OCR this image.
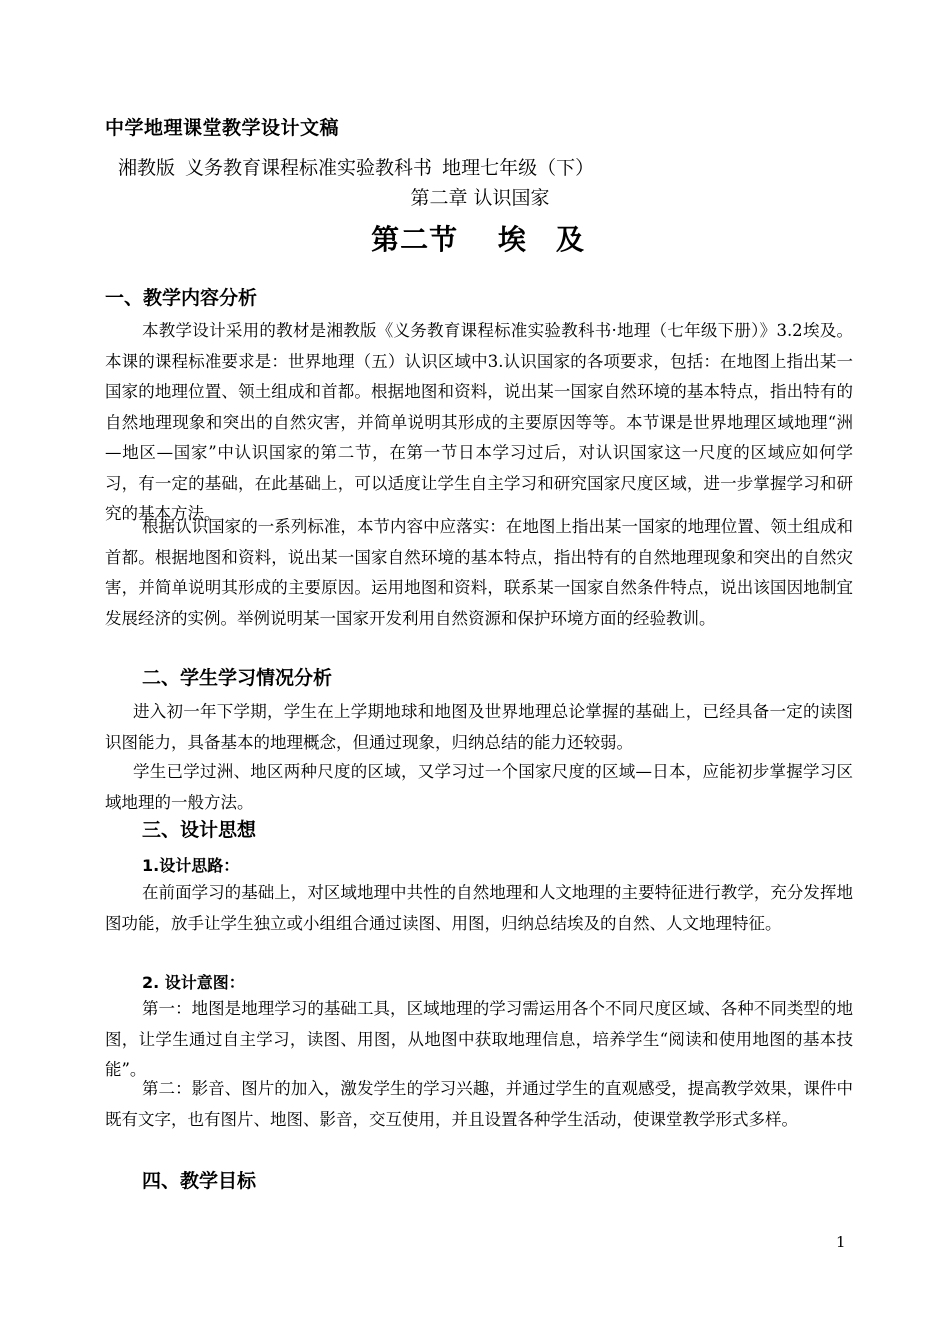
中学地理课堂教学设计文稿
湘教版 义务教育课程标准实验教科书 地理七年级（下）
第二章 认识国家
第二节　 埃　及
一、教学内容分析

本教学设计采用的教材是湘教版《义务教育课程标准实验教科书·地理（七年级下册）》3.2埃及。本课的课程标准要求是：世界地理（五）认识区域中3.认识国家的各项要求，包括：在地图上指出某一国家的地理位置、领土组成和首都。根据地图和资料，说出某一国家自然环境的基本特点，指出特有的自然地理现象和突出的自然灾害，并简单说明其形成的主要原因等等。本节课是世界地理区域地理“洲—地区—国家”中认识国家的第二节，在第一节日本学习过后，对认识国家这一尺度的区域应如何学习，有一定的基础，在此基础上，可以适度让学生自主学习和研究国家尺度区域，进一步掌握学习和研究的基本方法。

根据认识国家的一系列标准，本节内容中应落实：在地图上指出某一国家的地理位置、领土组成和首都。根据地图和资料，说出某一国家自然环境的基本特点，指出特有的自然地理现象和突出的自然灾害，并简单说明其形成的主要原因。运用地图和资料，联系某一国家自然条件特点，说出该国因地制宜发展经济的实例。举例说明某一国家开发利用自然资源和保护环境方面的经验教训。

二、学生学习情况分析

进入初一年下学期，学生在上学期地球和地图及世界地理总论掌握的基础上，已经具备一定的读图识图能力，具备基本的地理概念，但通过现象，归纳总结的能力还较弱。

学生已学过洲、地区两种尺度的区域，又学习过一个国家尺度的区域—日本，应能初步掌握学习区域地理的一般方法。

三、设计思想
1.设计思路：

在前面学习的基础上，对区域地理中共性的自然地理和人文地理的主要特征进行教学，充分发挥地图功能，放手让学生独立或小组组合通过读图、用图，归纳总结埃及的自然、人文地理特征。

2. 设计意图：

第一：地图是地理学习的基础工具，区域地理的学习需运用各个不同尺度区域、各种不同类型的地图，让学生通过自主学习，读图、用图，从地图中获取地理信息，培养学生“阅读和使用地图的基本技能”。

第二：影音、图片的加入，激发学生的学习兴趣，并通过学生的直观感受，提高教学效果，课件中既有文字，也有图片、地图、影音，交互使用，并且设置各种学生活动，使课堂教学形式多样。

四、教学目标
1
